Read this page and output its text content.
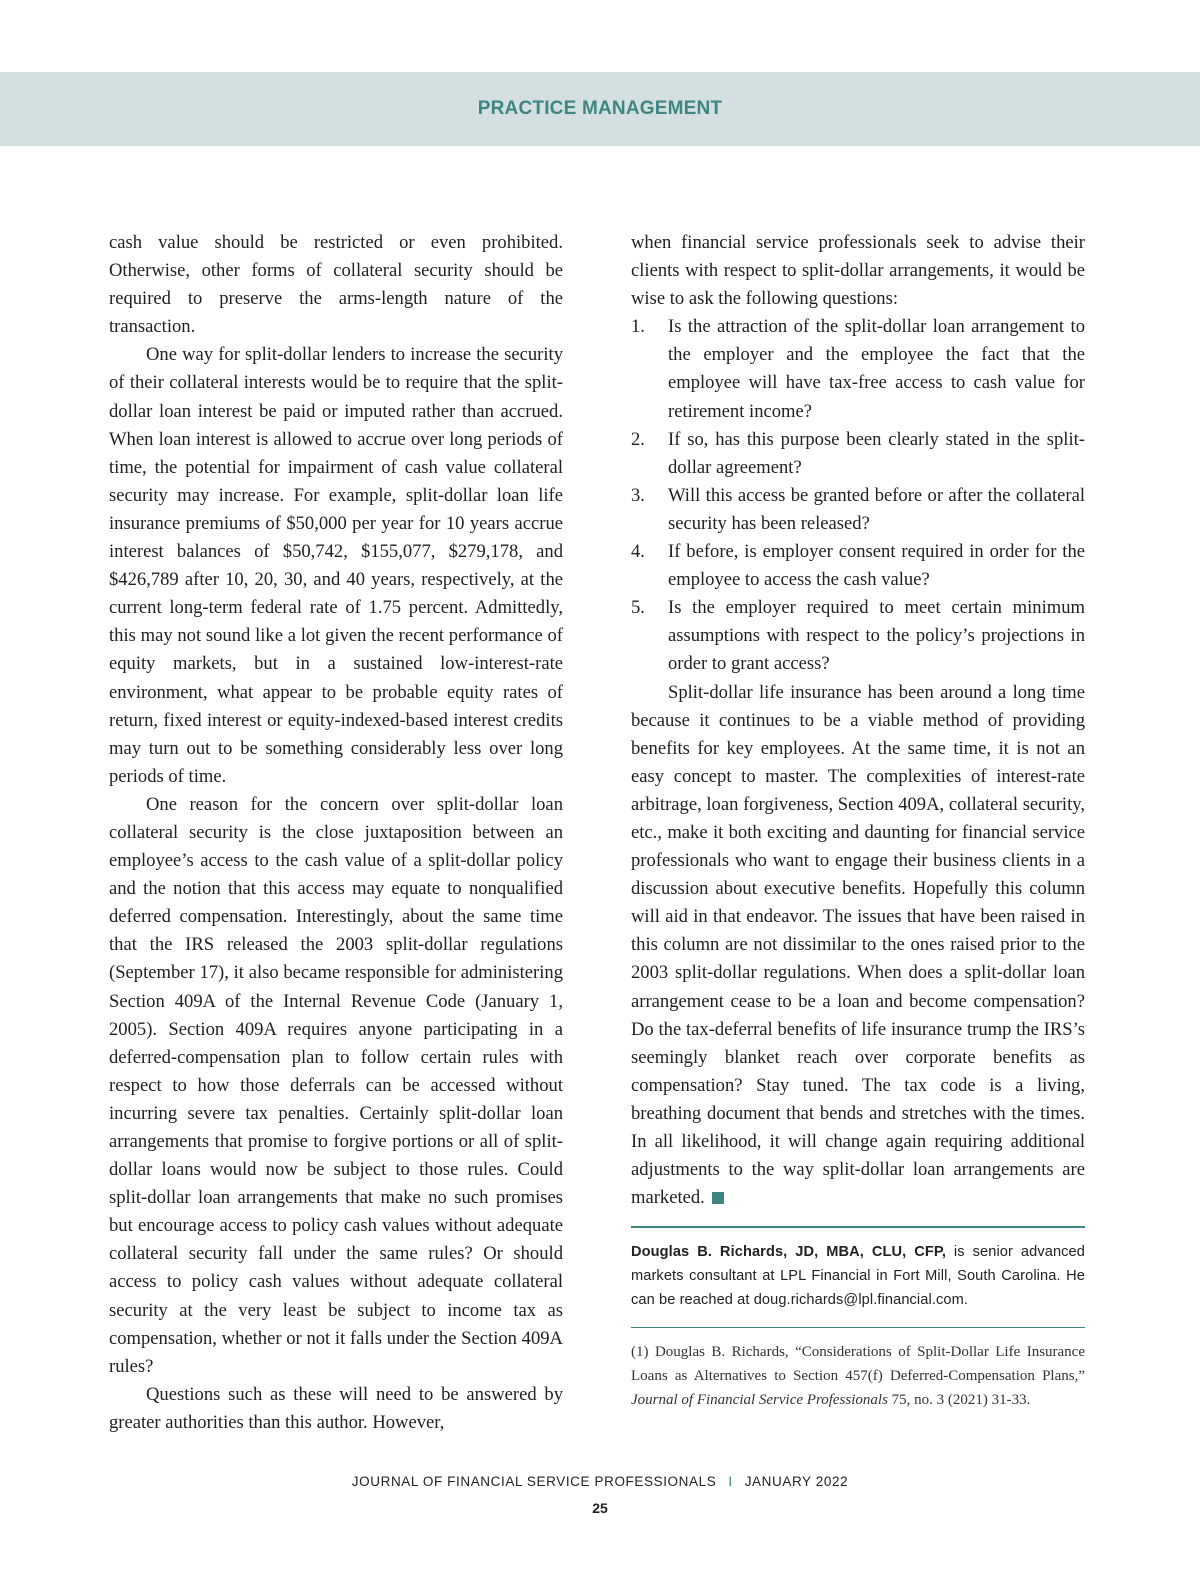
PRACTICE MANAGEMENT

cash value should be restricted or even prohibited. Otherwise, other forms of collateral security should be required to preserve the arms-length nature of the transaction.

One way for split-dollar lenders to increase the security of their collateral interests would be to require that the split-dollar loan interest be paid or imputed rather than accrued. When loan interest is allowed to accrue over long periods of time, the potential for impairment of cash value collateral security may increase. For example, split-dollar loan life insurance premiums of $50,000 per year for 10 years accrue interest balances of $50,742, $155,077, $279,178, and $426,789 after 10, 20, 30, and 40 years, respectively, at the current long-term federal rate of 1.75 percent. Admittedly, this may not sound like a lot given the recent performance of equity markets, but in a sustained low-interest-rate environment, what appear to be probable equity rates of return, fixed interest or equity-indexed-based interest credits may turn out to be something considerably less over long periods of time.

One reason for the concern over split-dollar loan collateral security is the close juxtaposition between an employee’s access to the cash value of a split-dollar policy and the notion that this access may equate to nonqualified deferred compensation. Interestingly, about the same time that the IRS released the 2003 split-dollar regulations (September 17), it also became responsible for administering Section 409A of the Internal Revenue Code (January 1, 2005). Section 409A requires anyone participating in a deferred-compensation plan to follow certain rules with respect to how those deferrals can be accessed without incurring severe tax penalties. Certainly split-dollar loan arrangements that promise to forgive portions or all of split-dollar loans would now be subject to those rules. Could split-dollar loan arrangements that make no such promises but encourage access to policy cash values without adequate collateral security fall under the same rules? Or should access to policy cash values without adequate collateral security at the very least be subject to income tax as compensation, whether or not it falls under the Section 409A rules?

Questions such as these will need to be answered by greater authorities than this author. However,

when financial service professionals seek to advise their clients with respect to split-dollar arrangements, it would be wise to ask the following questions:

1. Is the attraction of the split-dollar loan arrangement to the employer and the employee the fact that the employee will have tax-free access to cash value for retirement income?
2. If so, has this purpose been clearly stated in the split-dollar agreement?
3. Will this access be granted before or after the collateral security has been released?
4. If before, is employer consent required in order for the employee to access the cash value?
5. Is the employer required to meet certain minimum assumptions with respect to the policy’s projections in order to grant access?

Split-dollar life insurance has been around a long time because it continues to be a viable method of providing benefits for key employees. At the same time, it is not an easy concept to master. The complexities of interest-rate arbitrage, loan forgiveness, Section 409A, collateral security, etc., make it both exciting and daunting for financial service professionals who want to engage their business clients in a discussion about executive benefits. Hopefully this column will aid in that endeavor. The issues that have been raised in this column are not dissimilar to the ones raised prior to the 2003 split-dollar regulations. When does a split-dollar loan arrangement cease to be a loan and become compensation? Do the tax-deferral benefits of life insurance trump the IRS’s seemingly blanket reach over corporate benefits as compensation? Stay tuned. The tax code is a living, breathing document that bends and stretches with the times. In all likelihood, it will change again requiring additional adjustments to the way split-dollar loan arrangements are marketed.

Douglas B. Richards, JD, MBA, CLU, CFP, is senior advanced markets consultant at LPL Financial in Fort Mill, South Carolina. He can be reached at doug.richards@lpl.financial.com.
(1) Douglas B. Richards, “Considerations of Split-Dollar Life Insurance Loans as Alternatives to Section 457(f) Deferred-Compensation Plans,” Journal of Financial Service Professionals 75, no. 3 (2021) 31-33.
JOURNAL OF FINANCIAL SERVICE PROFESSIONALS I JANUARY 2022
25
